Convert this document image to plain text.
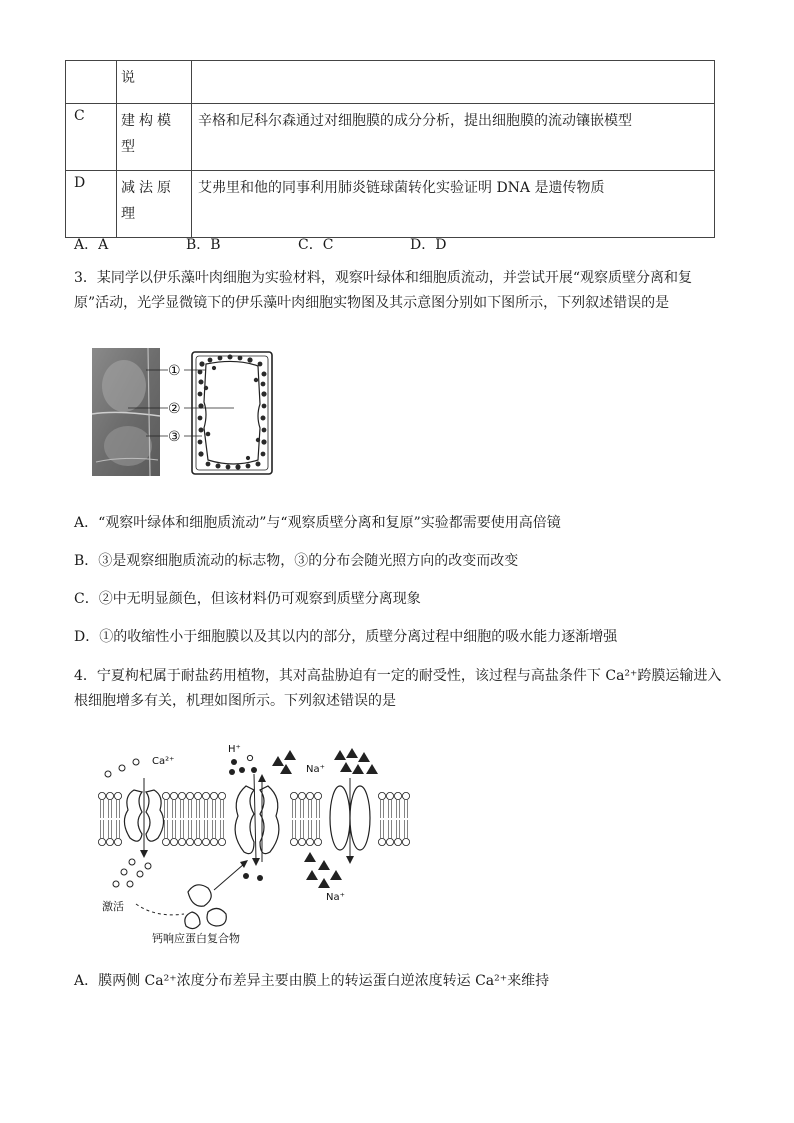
	说	
C	建构模型	辛格和尼科尔森通过对细胞膜的成分分析，提出细胞膜的流动镶嵌模型
D	减法原理	艾弗里和他的同事利用肺炎链球菌转化实验证明 DNA 是遗传物质
A．A	B．B	C．C	D．D
3．某同学以伊乐藻叶肉细胞为实验材料，观察叶绿体和细胞质流动，并尝试开展“观察质壁分离和复原”活动，光学显微镜下的伊乐藻叶肉细胞实物图及其示意图分别如下图所示，下列叙述错误的是
①
②
③
A．“观察叶绿体和细胞质流动”与“观察质壁分离和复原”实验都需要使用高倍镜
B．③是观察细胞质流动的标志物，③的分布会随光照方向的改变而改变
C．②中无明显颜色，但该材料仍可观察到质壁分离现象
D．①的收缩性小于细胞膜以及其以内的部分，质壁分离过程中细胞的吸水能力逐渐增强
4．宁夏枸杞属于耐盐药用植物，其对高盐胁迫有一定的耐受性，该过程与高盐条件下 Ca²⁺跨膜运输进入根细胞增多有关，机理如图所示。下列叙述错误的是
Ca²⁺
H⁺
Na⁺
Na⁺
激活
钙响应蛋白复合物
A．膜两侧 Ca²⁺浓度分布差异主要由膜上的转运蛋白逆浓度转运 Ca²⁺来维持
